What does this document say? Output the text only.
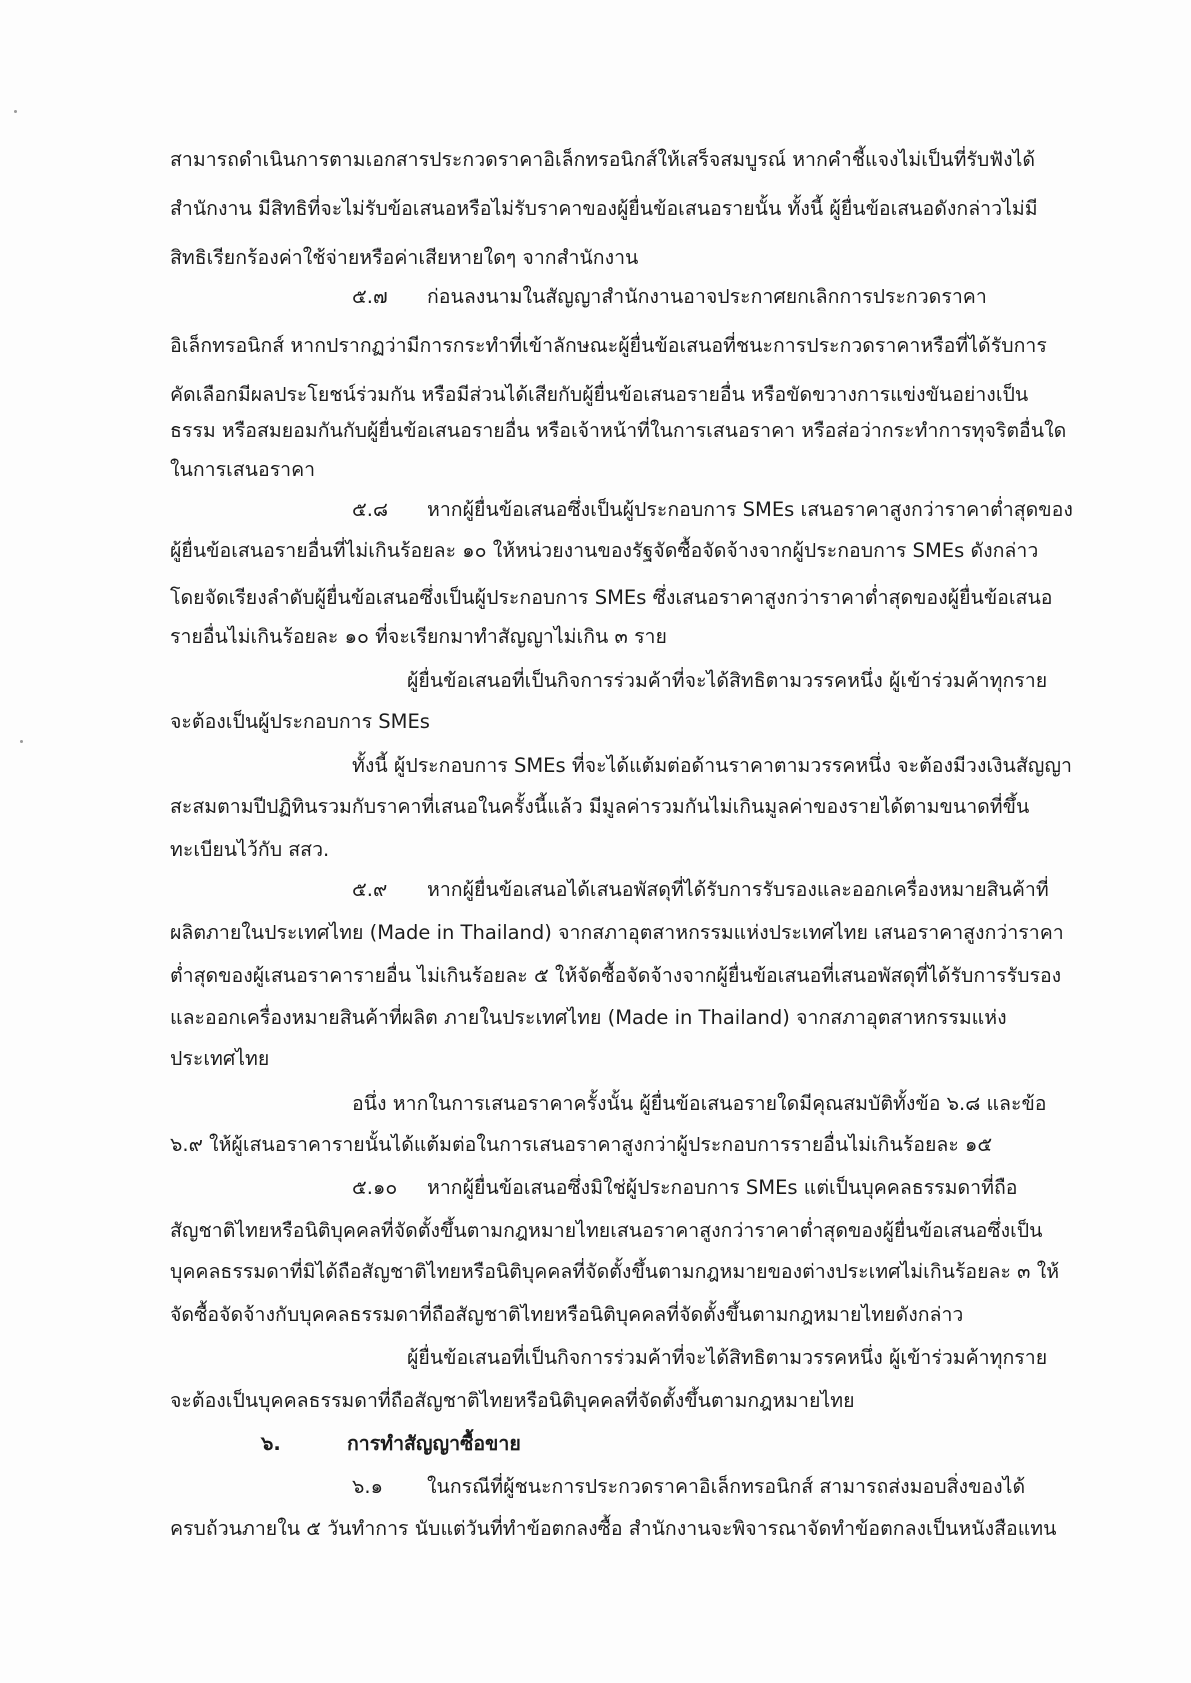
สามารถดำเนินการตามเอกสารประกวดราคาอิเล็กทรอนิกส์ให้เสร็จสมบูรณ์ หากคำชี้แจงไม่เป็นที่รับฟังได้
สำนักงาน มีสิทธิที่จะไม่รับข้อเสนอหรือไม่รับราคาของผู้ยื่นข้อเสนอรายนั้น ทั้งนี้ ผู้ยื่นข้อเสนอดังกล่าวไม่มี
สิทธิเรียกร้องค่าใช้จ่ายหรือค่าเสียหายใดๆ จากสำนักงาน
๕.๗ ก่อนลงนามในสัญญาสำนักงานอาจประกาศยกเลิกการประกวดราคา
อิเล็กทรอนิกส์ หากปรากฏว่ามีการกระทำที่เข้าลักษณะผู้ยื่นข้อเสนอที่ชนะการประกวดราคาหรือที่ได้รับการ
คัดเลือกมีผลประโยชน์ร่วมกัน หรือมีส่วนได้เสียกับผู้ยื่นข้อเสนอรายอื่น หรือขัดขวางการแข่งขันอย่างเป็น
ธรรม หรือสมยอมกันกับผู้ยื่นข้อเสนอรายอื่น หรือเจ้าหน้าที่ในการเสนอราคา หรือส่อว่ากระทำการทุจริตอื่นใด
ในการเสนอราคา
๕.๘ หากผู้ยื่นข้อเสนอซึ่งเป็นผู้ประกอบการ SMEs เสนอราคาสูงกว่าราคาต่ำสุดของ
ผู้ยื่นข้อเสนอรายอื่นที่ไม่เกินร้อยละ ๑๐ ให้หน่วยงานของรัฐจัดซื้อจัดจ้างจากผู้ประกอบการ SMEs ดังกล่าว
โดยจัดเรียงลำดับผู้ยื่นข้อเสนอซึ่งเป็นผู้ประกอบการ SMEs ซึ่งเสนอราคาสูงกว่าราคาต่ำสุดของผู้ยื่นข้อเสนอ
รายอื่นไม่เกินร้อยละ ๑๐ ที่จะเรียกมาทำสัญญาไม่เกิน ๓ ราย
ผู้ยื่นข้อเสนอที่เป็นกิจการร่วมค้าที่จะได้สิทธิตามวรรคหนึ่ง ผู้เข้าร่วมค้าทุกราย
จะต้องเป็นผู้ประกอบการ SMEs
ทั้งนี้ ผู้ประกอบการ SMEs ที่จะได้แต้มต่อด้านราคาตามวรรคหนึ่ง จะต้องมีวงเงินสัญญา
สะสมตามปีปฏิทินรวมกับราคาที่เสนอในครั้งนี้แล้ว มีมูลค่ารวมกันไม่เกินมูลค่าของรายได้ตามขนาดที่ขึ้น
ทะเบียนไว้กับ สสว.
๕.๙ หากผู้ยื่นข้อเสนอได้เสนอพัสดุที่ได้รับการรับรองและออกเครื่องหมายสินค้าที่
ผลิตภายในประเทศไทย (Made in Thailand) จากสภาอุตสาหกรรมแห่งประเทศไทย เสนอราคาสูงกว่าราคา
ต่ำสุดของผู้เสนอราคารายอื่น ไม่เกินร้อยละ ๕ ให้จัดซื้อจัดจ้างจากผู้ยื่นข้อเสนอที่เสนอพัสดุที่ได้รับการรับรอง
และออกเครื่องหมายสินค้าที่ผลิต ภายในประเทศไทย (Made in Thailand) จากสภาอุตสาหกรรมแห่ง
ประเทศไทย
อนึ่ง หากในการเสนอราคาครั้งนั้น ผู้ยื่นข้อเสนอรายใดมีคุณสมบัติทั้งข้อ ๖.๘ และข้อ
๖.๙ ให้ผู้เสนอราคารายนั้นได้แต้มต่อในการเสนอราคาสูงกว่าผู้ประกอบการรายอื่นไม่เกินร้อยละ ๑๕
๕.๑๐ หากผู้ยื่นข้อเสนอซึ่งมิใช่ผู้ประกอบการ SMEs แต่เป็นบุคคลธรรมดาที่ถือ
สัญชาติไทยหรือนิติบุคคลที่จัดตั้งขึ้นตามกฎหมายไทยเสนอราคาสูงกว่าราคาต่ำสุดของผู้ยื่นข้อเสนอซึ่งเป็น
บุคคลธรรมดาที่มิได้ถือสัญชาติไทยหรือนิติบุคคลที่จัดตั้งขึ้นตามกฎหมายของต่างประเทศไม่เกินร้อยละ ๓ ให้
จัดซื้อจัดจ้างกับบุคคลธรรมดาที่ถือสัญชาติไทยหรือนิติบุคคลที่จัดตั้งขึ้นตามกฎหมายไทยดังกล่าว
ผู้ยื่นข้อเสนอที่เป็นกิจการร่วมค้าที่จะได้สิทธิตามวรรคหนึ่ง ผู้เข้าร่วมค้าทุกราย
จะต้องเป็นบุคคลธรรมดาที่ถือสัญชาติไทยหรือนิติบุคคลที่จัดตั้งขึ้นตามกฎหมายไทย
๖.	การทำสัญญาซื้อขาย
๖.๑ ในกรณีที่ผู้ชนะการประกวดราคาอิเล็กทรอนิกส์ สามารถส่งมอบสิ่งของได้
ครบถ้วนภายใน ๕ วันทำการ นับแต่วันที่ทำข้อตกลงซื้อ สำนักงานจะพิจารณาจัดทำข้อตกลงเป็นหนังสือแทน
